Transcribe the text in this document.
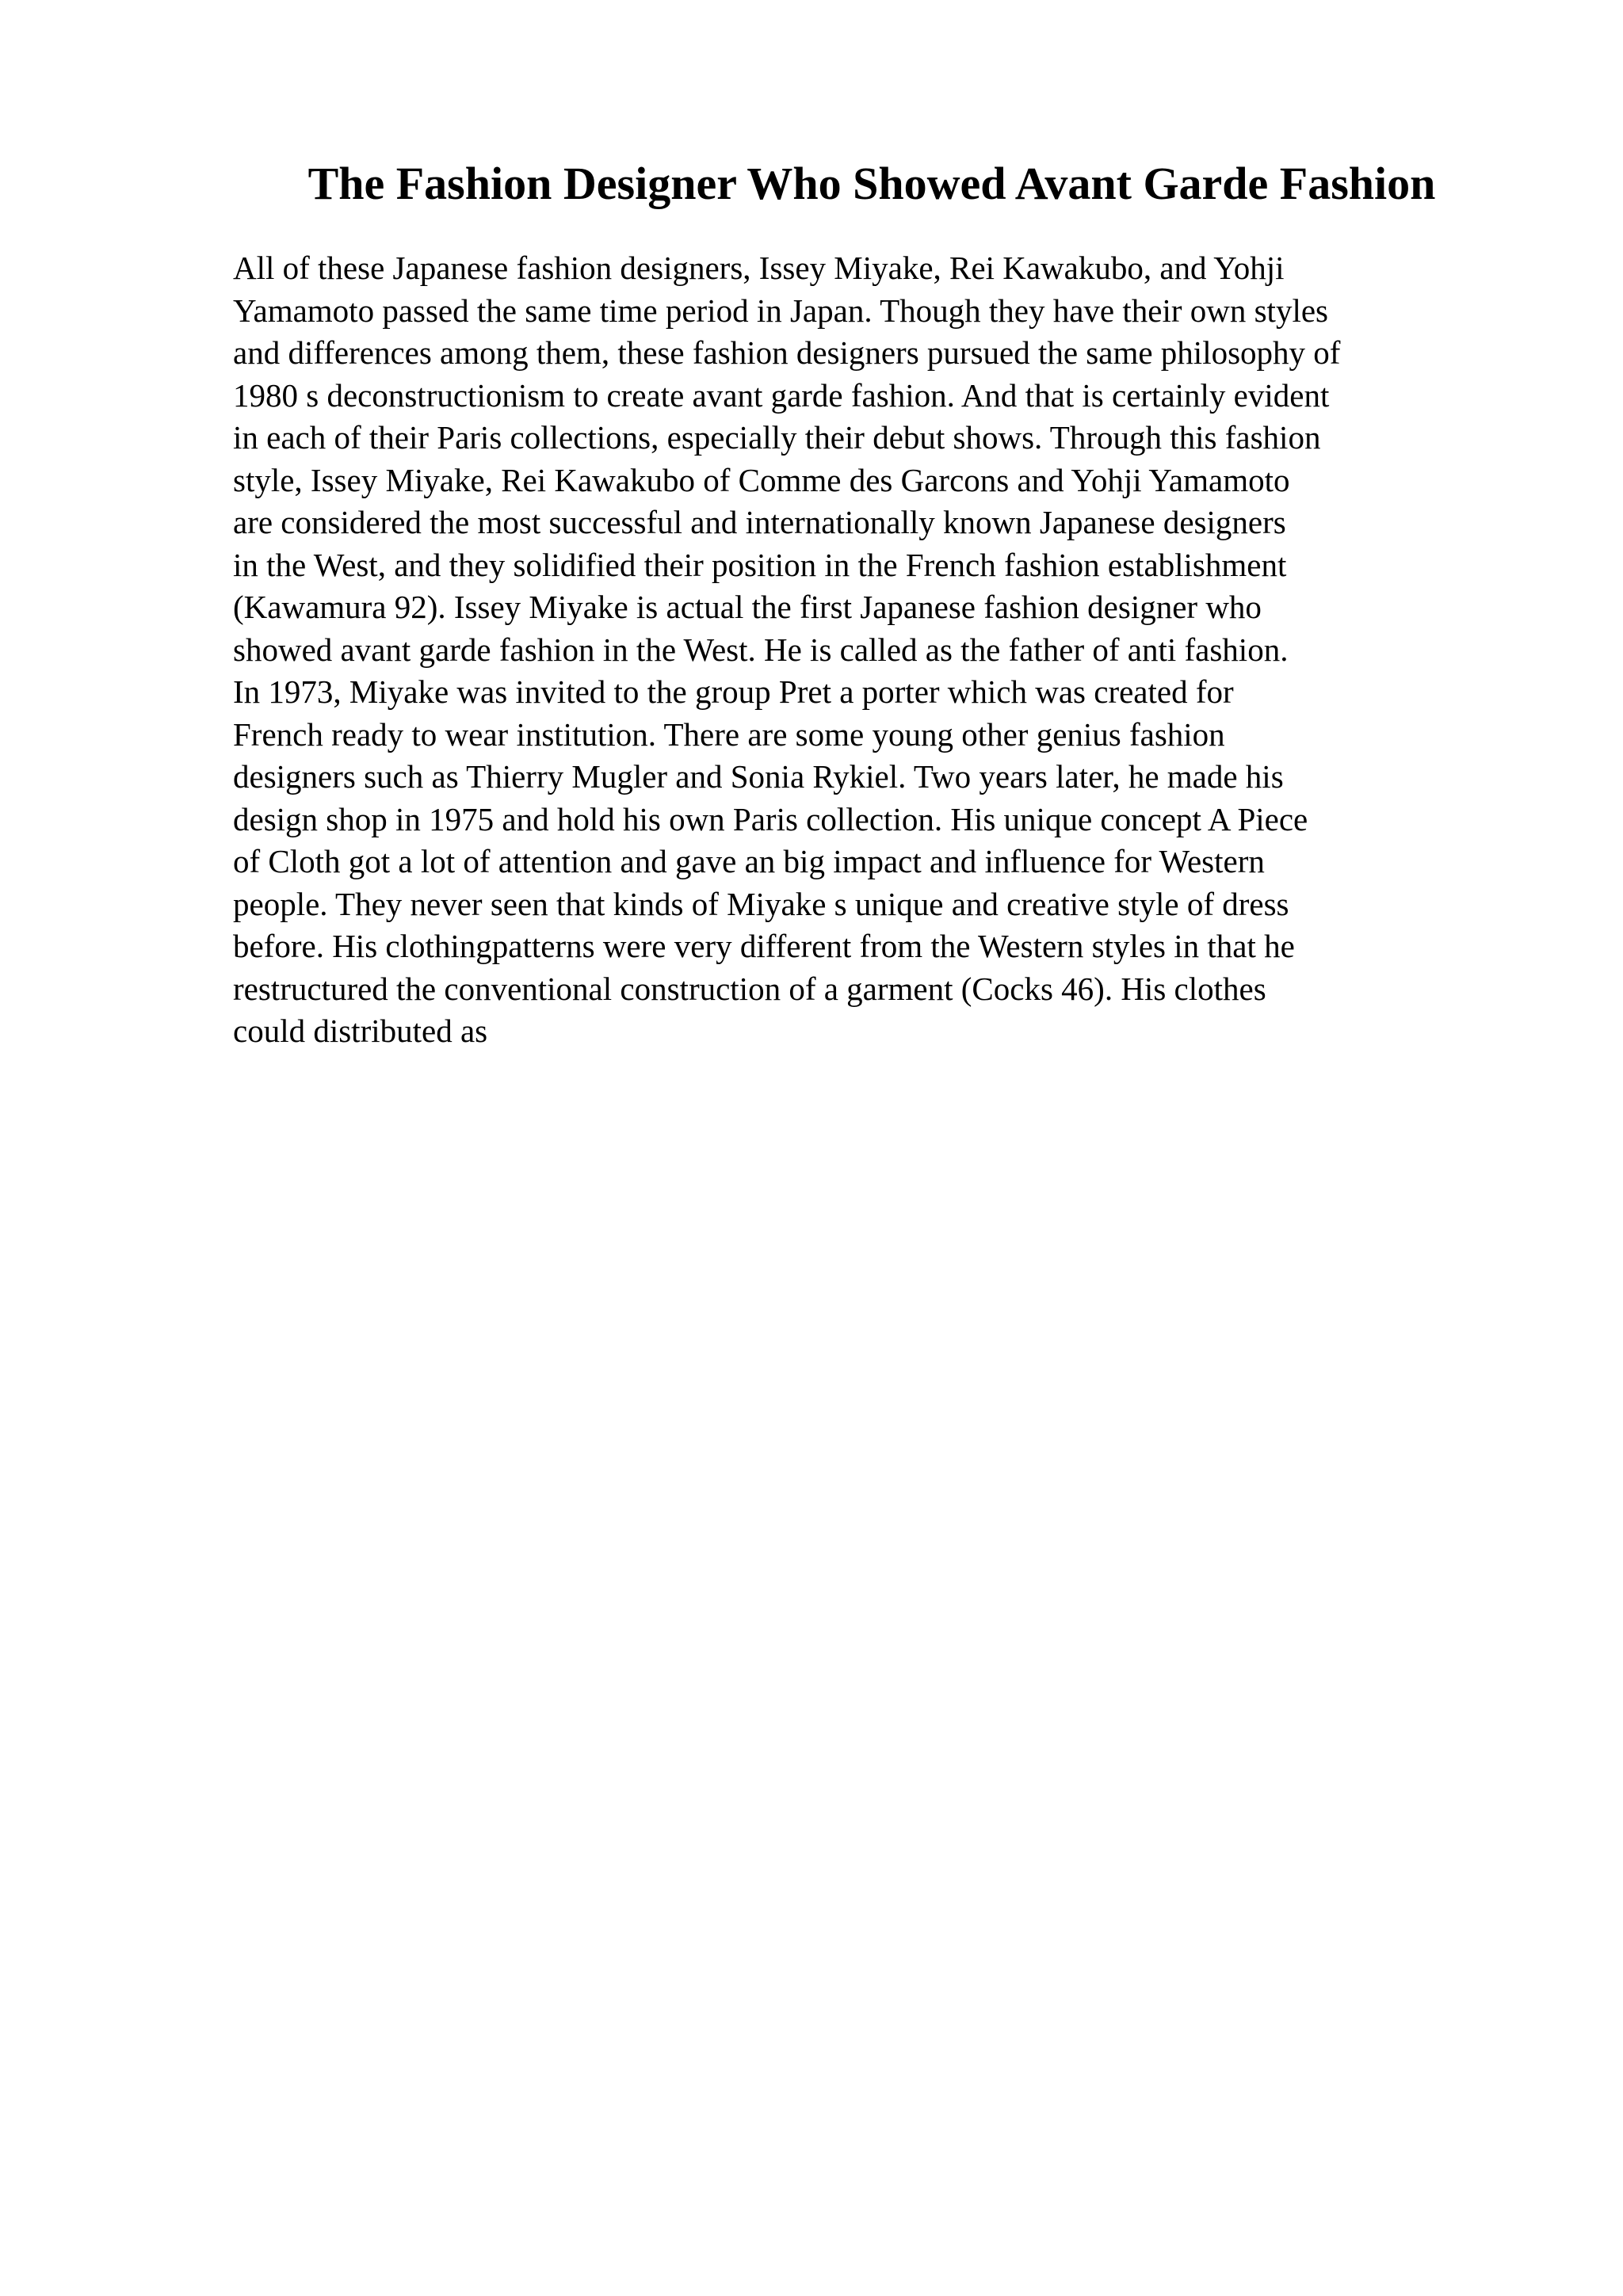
The Fashion Designer Who Showed Avant Garde Fashion
All of these Japanese fashion designers, Issey Miyake, Rei Kawakubo, and Yohji
Yamamoto passed the same time period in Japan. Though they have their own styles
and differences among them, these fashion designers pursued the same philosophy of
1980 s deconstructionism to create avant garde fashion. And that is certainly evident
in each of their Paris collections, especially their debut shows. Through this fashion
style, Issey Miyake, Rei Kawakubo of Comme des Garcons and Yohji Yamamoto
are considered the most successful and internationally known Japanese designers
in the West, and they solidified their position in the French fashion establishment
(Kawamura 92). Issey Miyake is actual the first Japanese fashion designer who
showed avant garde fashion in the West. He is called as the father of anti fashion.
In 1973, Miyake was invited to the group Pret a porter which was created for
French ready to wear institution. There are some young other genius fashion
designers such as Thierry Mugler and Sonia Rykiel. Two years later, he made his
design shop in 1975 and hold his own Paris collection. His unique concept A Piece
of Cloth got a lot of attention and gave an big impact and influence for Western
people. They never seen that kinds of Miyake s unique and creative style of dress
before. His clothingpatterns were very different from the Western styles in that he
restructured the conventional construction of a garment (Cocks 46). His clothes
could distributed as
